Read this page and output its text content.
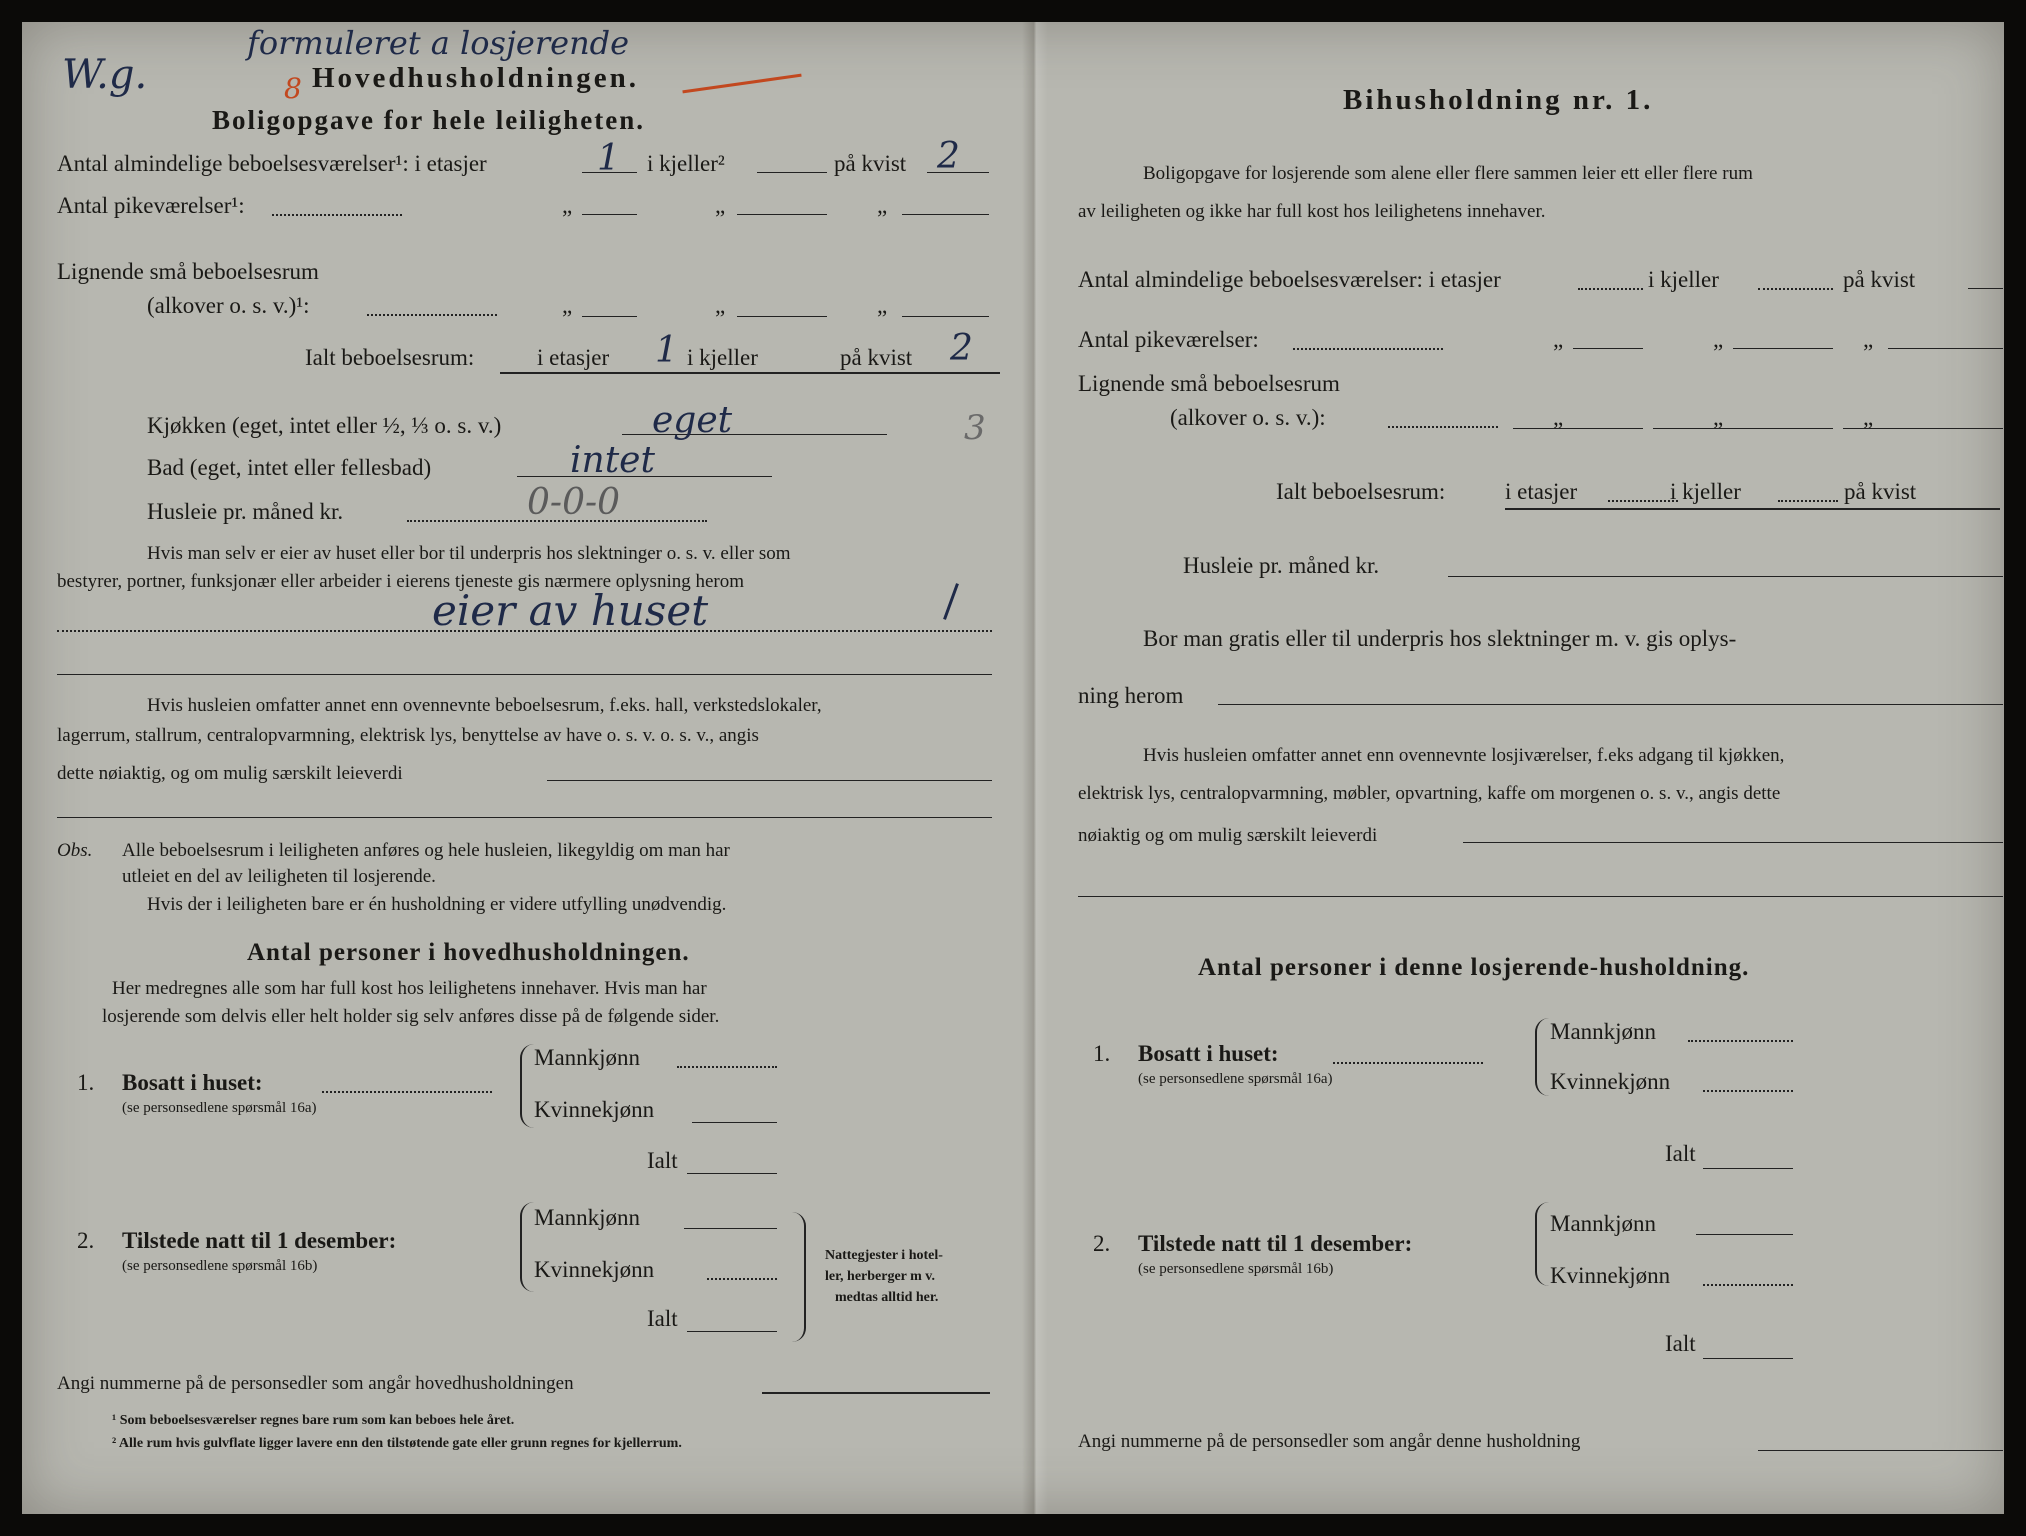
W.g.
formuleret a losjerende
8 Hovedhusholdningen.
Boligopgave for hele leiligheten.
Antal almindelige beboelsesværelser¹: i etasjer	1 i kjeller²	på kvist 2
Antal pikeværelser¹:	„	„	„
Lignende små beboelsesrum
(alkover o. s. v.)¹:	„	„	„
Ialt beboelsesrum:	i etasjer 1 i kjeller	på kvist 2
3
Kjøkken (eget, intet eller ½, ⅓ o. s. v.)	eget
Bad (eget, intet eller fellesbad)	intet
Husleie pr. måned kr.	0-0-0
Hvis man selv er eier av huset eller bor til underpris hos slektninger o. s. v. eller som
bestyrer, portner, funksjonær eller arbeider i eierens tjeneste gis nærmere oplysning herom
eier av huset
Hvis husleien omfatter annet enn ovennevnte beboelsesrum, f.eks. hall, verkstedslokaler,
lagerrum, stallrum, centralopvarmning, elektrisk lys, benyttelse av have o. s. v. o. s. v., angis
dette nøiaktig, og om mulig særskilt leieverdi
Obs. Alle beboelsesrum i leiligheten anføres og hele husleien, likegyldig om man har
utleiet en del av leiligheten til losjerende.
Hvis der i leiligheten bare er én husholdning er videre utfylling unødvendig.
Antal personer i hovedhusholdningen.
Her medregnes alle som har full kost hos leilighetens innehaver. Hvis man har
losjerende som delvis eller helt holder sig selv anføres disse på de følgende sider.
1. Bosatt i huset:
(se personsedlene spørsmål 16a)
Mannkjønn
Kvinnekjønn
Ialt
2. Tilstede natt til 1 desember:
(se personsedlene spørsmål 16b)
Mannkjønn
Kvinnekjønn
Ialt
Nattegjester i hotel-
ler, herberger m v.
medtas alltid her.
Angi nummerne på de personsedler som angår hovedhusholdningen
¹ Som beboelsesværelser regnes bare rum som kan beboes hele året.
² Alle rum hvis gulvflate ligger lavere enn den tilstøtende gate eller grunn regnes for kjellerrum.
Bihusholdning nr. 1.
Boligopgave for losjerende som alene eller flere sammen leier ett eller flere rum
av leiligheten og ikke har full kost hos leilighetens innehaver.
Antal almindelige beboelsesværelser: i etasjer	i kjeller	på kvist
Antal pikeværelser:	„	„	„
Lignende små beboelsesrum
(alkover o. s. v.):	„	„	„
Ialt beboelsesrum:	i etasjer	i kjeller	på kvist
Husleie pr. måned kr.
Bor man gratis eller til underpris hos slektninger m. v. gis oplys-
ning herom
Hvis husleien omfatter annet enn ovennevnte losjiværelser, f.eks adgang til kjøkken,
elektrisk lys, centralopvarmning, møbler, opvartning, kaffe om morgenen o. s. v., angis dette
nøiaktig og om mulig særskilt leieverdi
Antal personer i denne losjerende-husholdning.
1. Bosatt i huset:
(se personsedlene spørsmål 16a)
Mannkjønn
Kvinnekjønn
Ialt
2. Tilstede natt til 1 desember:
(se personsedlene spørsmål 16b)
Mannkjønn
Kvinnekjønn
Ialt
Angi nummerne på de personsedler som angår denne husholdning
